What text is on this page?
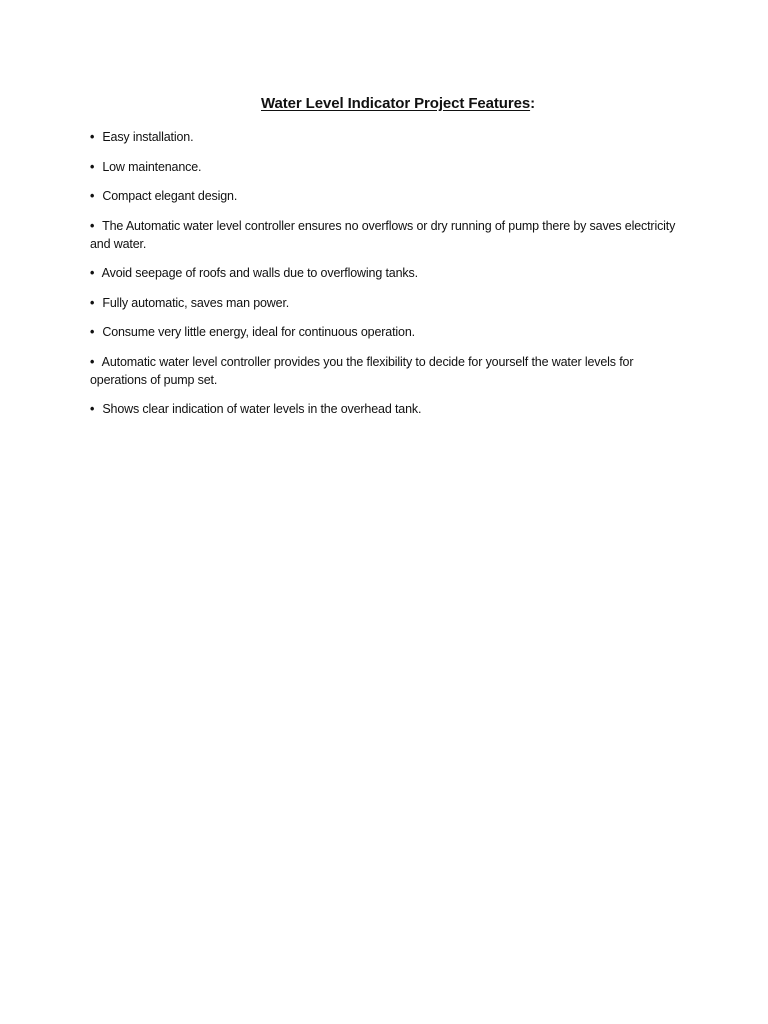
Water Level Indicator Project Features:
• Easy installation.
• Low maintenance.
• Compact elegant design.
• The Automatic water level controller ensures no overflows or dry running of pump there by saves electricity and water.
• Avoid seepage of roofs and walls due to overflowing tanks.
• Fully automatic, saves man power.
• Consume very little energy, ideal for continuous operation.
• Automatic water level controller provides you the flexibility to decide for yourself the water levels for operations of pump set.
• Shows clear indication of water levels in the overhead tank.
